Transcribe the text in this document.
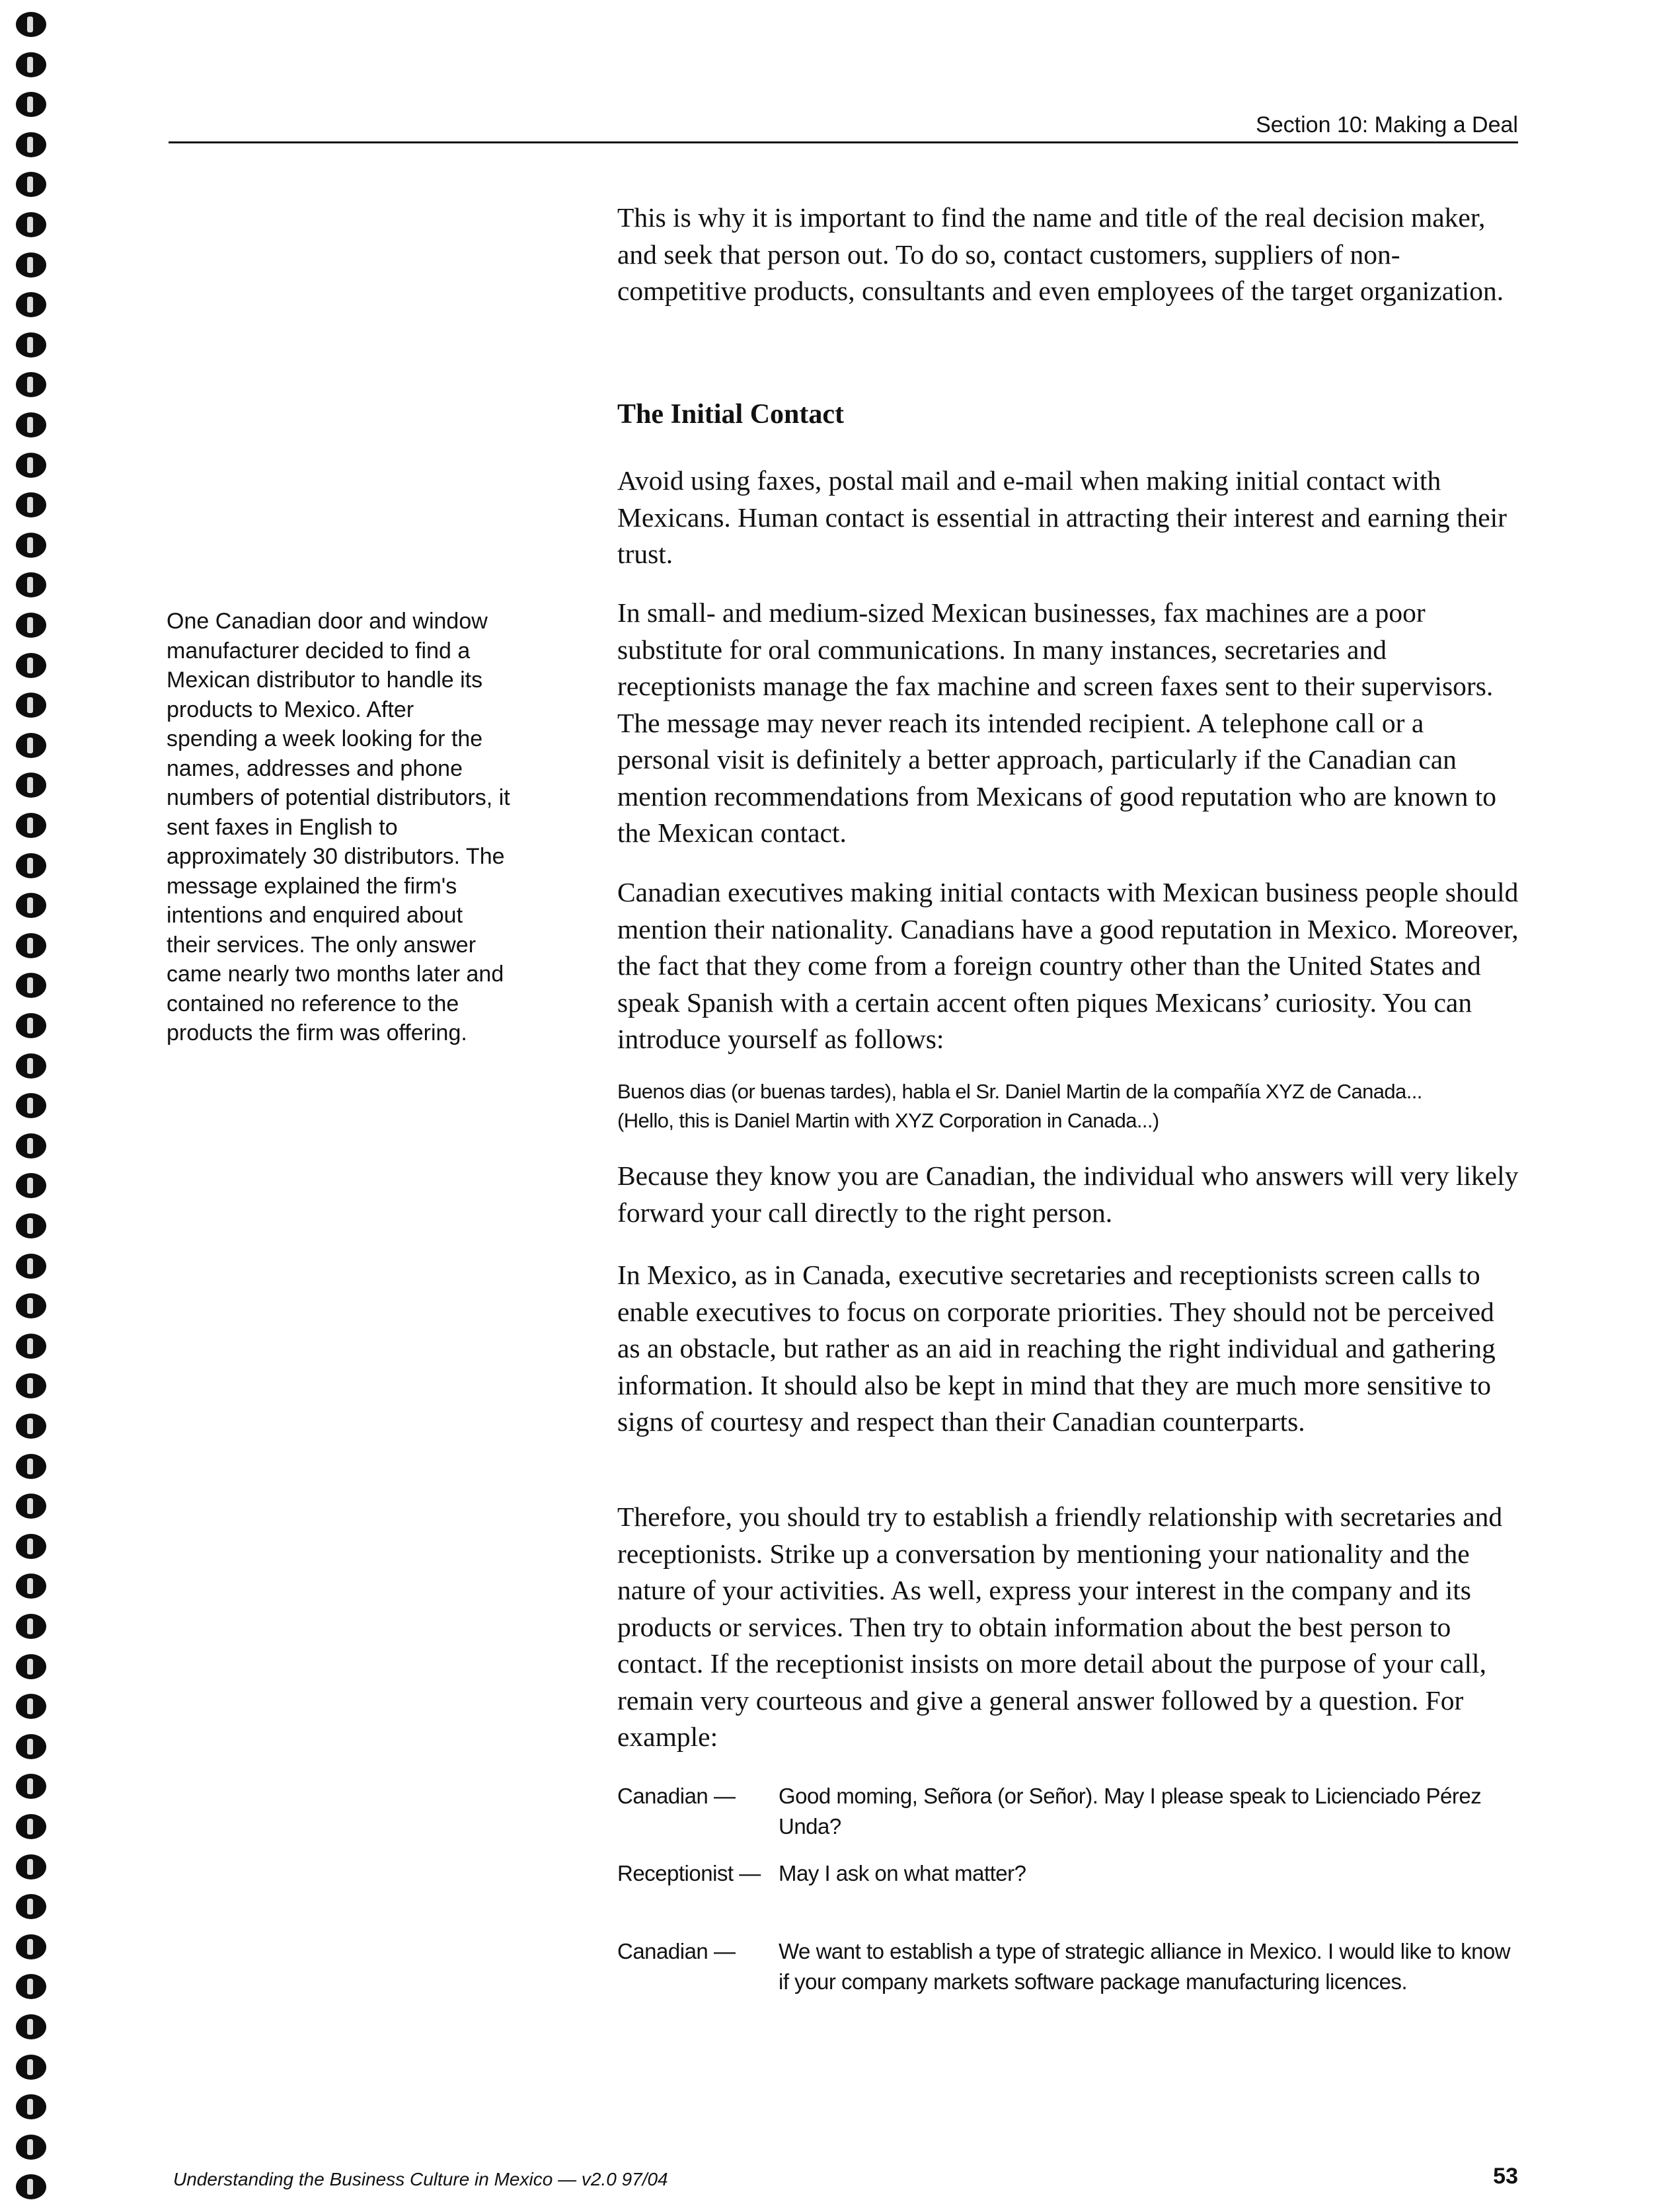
Section 10: Making a Deal
One Canadian door and window manufacturer decided to find a Mexican distributor to handle its products to Mexico. After spending a week looking for the names, addresses and phone numbers of potential distributors, it sent faxes in English to approximately 30 distributors. The message explained the firm's intentions and enquired about their services. The only answer came nearly two months later and contained no reference to the products the firm was offering.
This is why it is important to find the name and title of the real decision maker, and seek that person out. To do so, contact customers, suppliers of non-competitive products, consultants and even employees of the target organization.
The Initial Contact
Avoid using faxes, postal mail and e-mail when making initial contact with Mexicans. Human contact is essential in attracting their interest and earning their trust.
In small- and medium-sized Mexican businesses, fax machines are a poor substitute for oral communications. In many instances, secretaries and receptionists manage the fax machine and screen faxes sent to their supervisors. The message may never reach its intended recipient. A telephone call or a personal visit is definitely a better approach, particularly if the Canadian can mention recommendations from Mexicans of good reputation who are known to the Mexican contact.
Canadian executives making initial contacts with Mexican business people should mention their nationality. Canadians have a good reputation in Mexico. Moreover, the fact that they come from a foreign country other than the United States and speak Spanish with a certain accent often piques Mexicans’ curiosity. You can introduce yourself as follows:
Buenos dias (or buenas tardes), habla el Sr. Daniel Martin de la compañía XYZ de Canada...
(Hello, this is Daniel Martin with XYZ Corporation in Canada...)
Because they know you are Canadian, the individual who answers will very likely forward your call directly to the right person.
In Mexico, as in Canada, executive secretaries and receptionists screen calls to enable executives to focus on corporate priorities. They should not be perceived as an obstacle, but rather as an aid in reaching the right individual and gathering information. It should also be kept in mind that they are much more sensitive to signs of courtesy and respect than their Canadian counterparts.
Therefore, you should try to establish a friendly relationship with secretaries and receptionists. Strike up a conversation by mentioning your nationality and the nature of your activities. As well, express your interest in the company and its products or services. Then try to obtain information about the best person to contact. If the receptionist insists on more detail about the purpose of your call, remain very courteous and give a general answer followed by a question. For example:
Canadian —	Good moming, Señora (or Señor). May I please speak to Licienciado Pérez Unda?
Receptionist — May I ask on what matter?
Canadian —	We want to establish a type of strategic alliance in Mexico. I would like to know if your company markets software package manufacturing licences.
Understanding the Business Culture in Mexico — v2.0 97/04	53
